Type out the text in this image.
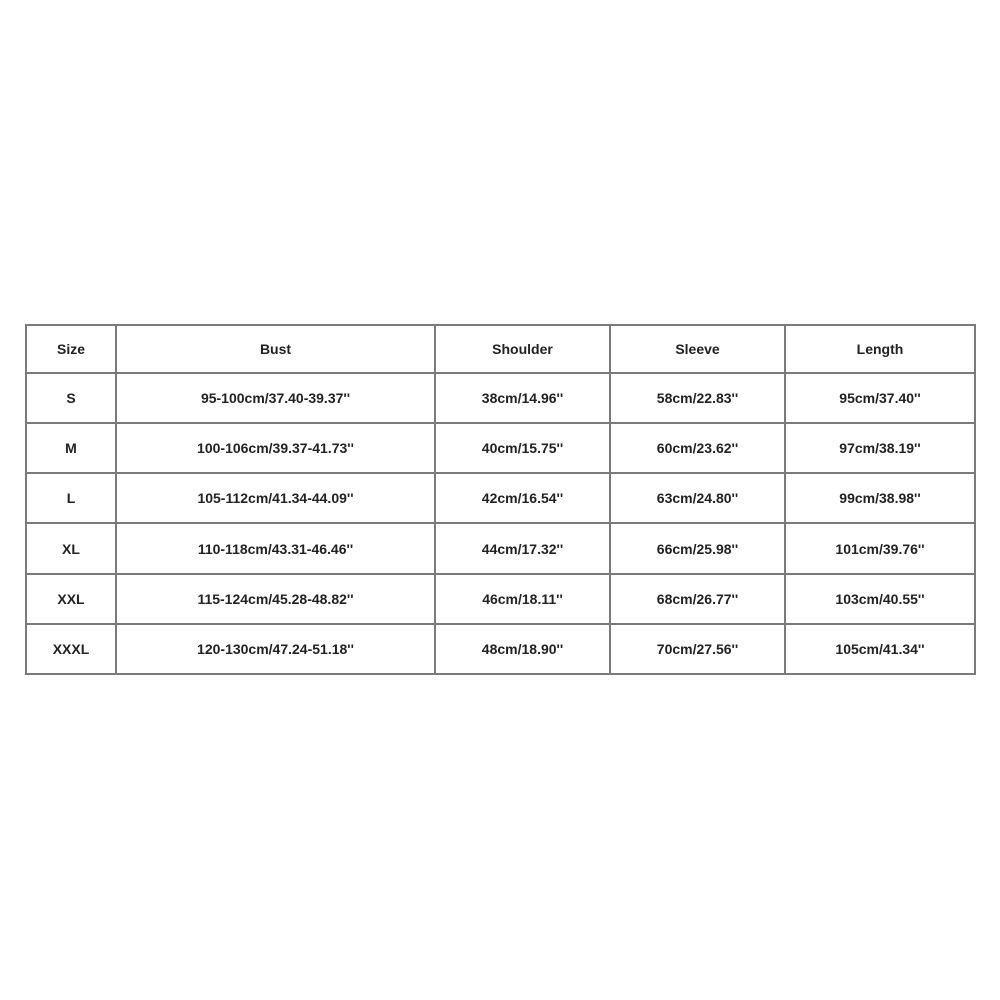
Size	Bust	Shoulder	Sleeve	Length
S	95-100cm/37.40-39.37''	38cm/14.96''	58cm/22.83''	95cm/37.40''
M	100-106cm/39.37-41.73''	40cm/15.75''	60cm/23.62''	97cm/38.19''
L	105-112cm/41.34-44.09''	42cm/16.54''	63cm/24.80''	99cm/38.98''
XL	110-118cm/43.31-46.46''	44cm/17.32''	66cm/25.98''	101cm/39.76''
XXL	115-124cm/45.28-48.82''	46cm/18.11''	68cm/26.77''	103cm/40.55''
XXXL	120-130cm/47.24-51.18''	48cm/18.90''	70cm/27.56''	105cm/41.34''
